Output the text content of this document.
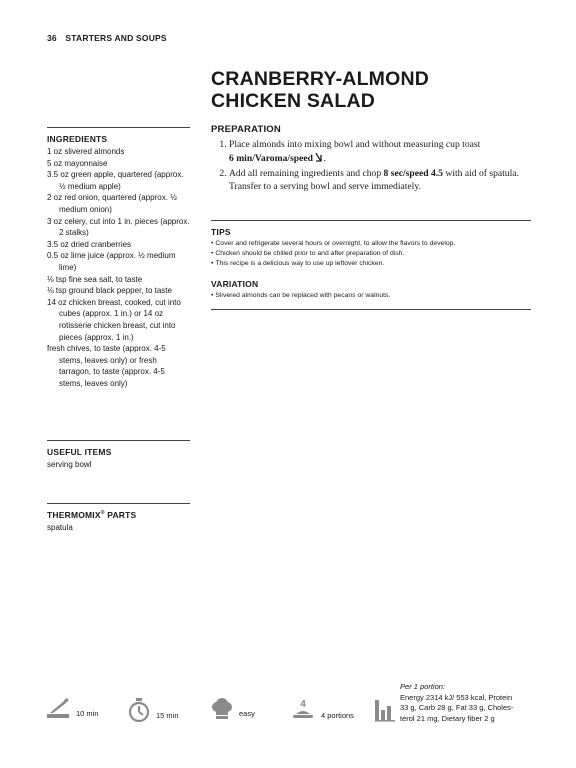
36 STARTERS AND SOUPS
CRANBERRY-ALMOND
CHICKEN SALAD
INGREDIENTS
1 oz slivered almonds
5 oz mayonnaise
3.5 oz green apple, quartered (approx. ½ medium apple)
2 oz red onion, quartered (approx. ½ medium onion)
3 oz celery, cut into 1 in. pieces (approx. 2 stalks)
3.5 oz dried cranberries
0.5 oz lime juice (approx. ½ medium lime)
⅛ tsp fine sea salt, to taste
⅛ tsp ground black pepper, to taste
14 oz chicken breast, cooked, cut into cubes (approx. 1 in.) or 14 oz rotisserie chicken breast, cut into pieces (approx. 1 in.)
fresh chives, to taste (approx. 4-5 stems, leaves only) or fresh tarragon, to taste (approx. 4-5 stems, leaves only)
USEFUL ITEMS
serving bowl
THERMOMIX® PARTS
spatula
PREPARATION
1. Place almonds into mixing bowl and without measuring cup toast
6 min/Varoma/speed .
2. Add all remaining ingredients and chop 8 sec/speed 4.5 with aid of spatula. Transfer to a serving bowl and serve immediately.
TIPS
• Cover and refrigerate several hours or overnight, to allow the flavors to develop.
• Chicken should be chilled prior to and after preparation of dish.
• This recipe is a delicious way to use up leftover chicken.
VARIATION
• Slivered almonds can be replaced with pecans or walnuts.
10 min	15 min	easy
4
4 portions
Per 1 portion:
Energy 2314 kJ/ 553 kcal, Protein
33 g, Carb 28 g, Fat 33 g, Choles-
terol 21 mg, Dietary fiber 2 g
